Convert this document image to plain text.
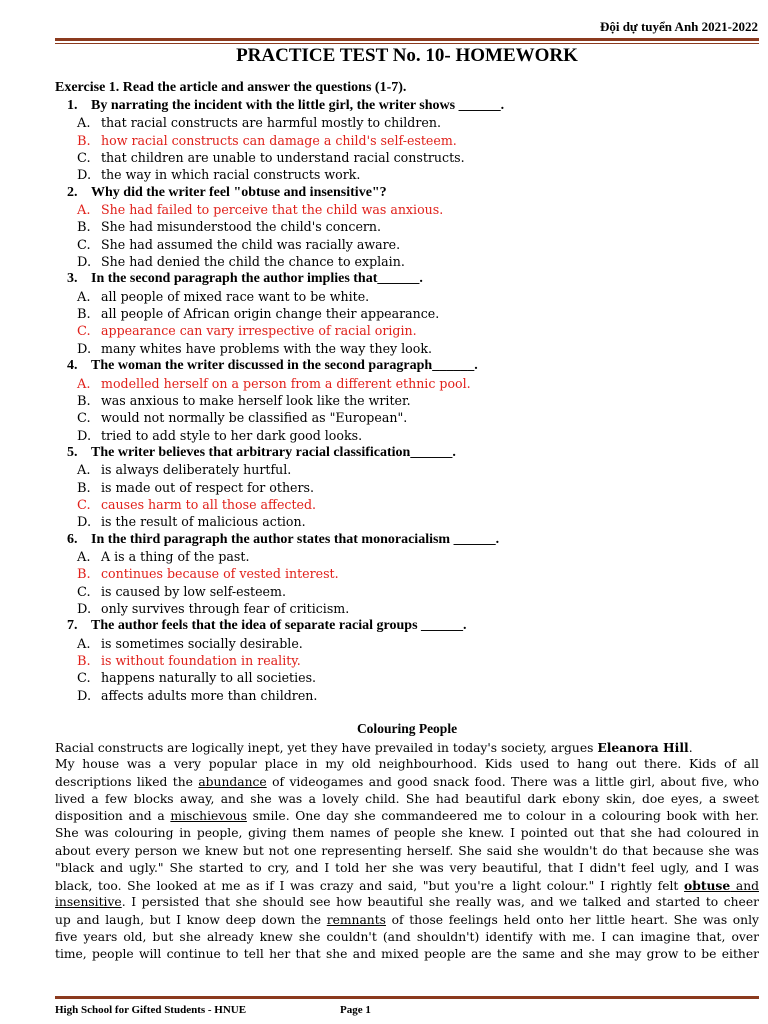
Đội dự tuyển Anh 2021-2022
PRACTICE TEST No. 10- HOMEWORK
Exercise 1. Read the article and answer the questions (1-7).
1. By narrating the incident with the little girl, the writer shows ______.
A. that racial constructs are harmful mostly to children.
B. how racial constructs can damage a child's self-esteem.
C. that children are unable to understand racial constructs.
D. the way in which racial constructs work.
2. Why did the writer feel "obtuse and insensitive"?
A. She had failed to perceive that the child was anxious.
B. She had misunderstood the child's concern.
C. She had assumed the child was racially aware.
D. She had denied the child the chance to explain.
3. In the second paragraph the author implies that______.
A. all people of mixed race want to be white.
B. all people of African origin change their appearance.
C. appearance can vary irrespective of racial origin.
D. many whites have problems with the way they look.
4. The woman the writer discussed in the second paragraph______.
A. modelled herself on a person from a different ethnic pool.
B. was anxious to make herself look like the writer.
C. would not normally be classified as "European".
D. tried to add style to her dark good looks.
5. The writer believes that arbitrary racial classification______.
A. is always deliberately hurtful.
B. is made out of respect for others.
C. causes harm to all those affected.
D. is the result of malicious action.
6. In the third paragraph the author states that monoracialism ______.
A. A is a thing of the past.
B. continues because of vested interest.
C. is caused by low self-esteem.
D. only survives through fear of criticism.
7. The author feels that the idea of separate racial groups ______.
A. is sometimes socially desirable.
B. is without foundation in reality.
C. happens naturally to all societies.
D. affects adults more than children.
Colouring People
Racial constructs are logically inept, yet they have prevailed in today's society, argues Eleanora Hill.
My house was a very popular place in my old neighbourhood. Kids used to hang out there. Kids of all
descriptions liked the abundance of videogames and good snack food. There was a little girl, about five, who
lived a few blocks away, and she was a lovely child. She had beautiful dark ebony skin, doe eyes, a sweet
disposition and a mischievous smile. One day she commandeered me to colour in a colouring book with her.
She was colouring in people, giving them names of people she knew. I pointed out that she had coloured in
about every person we knew but not one representing herself. She said she wouldn't do that because she was
"black and ugly." She started to cry, and I told her she was very beautiful, that I didn't feel ugly, and I was
black, too. She looked at me as if I was crazy and said, "but you're a light colour." I rightly felt obtuse and
insensitive. I persisted that she should see how beautiful she really was, and we talked and started to cheer
up and laugh, but I know deep down the remnants of those feelings held onto her little heart. She was only
five years old, but she already knew she couldn't (and shouldn't) identify with me. I can imagine that, over
time, people will continue to tell her that she and mixed people are the same and she may grow to be either
High School for Gifted Students - HNUE	Page 1
